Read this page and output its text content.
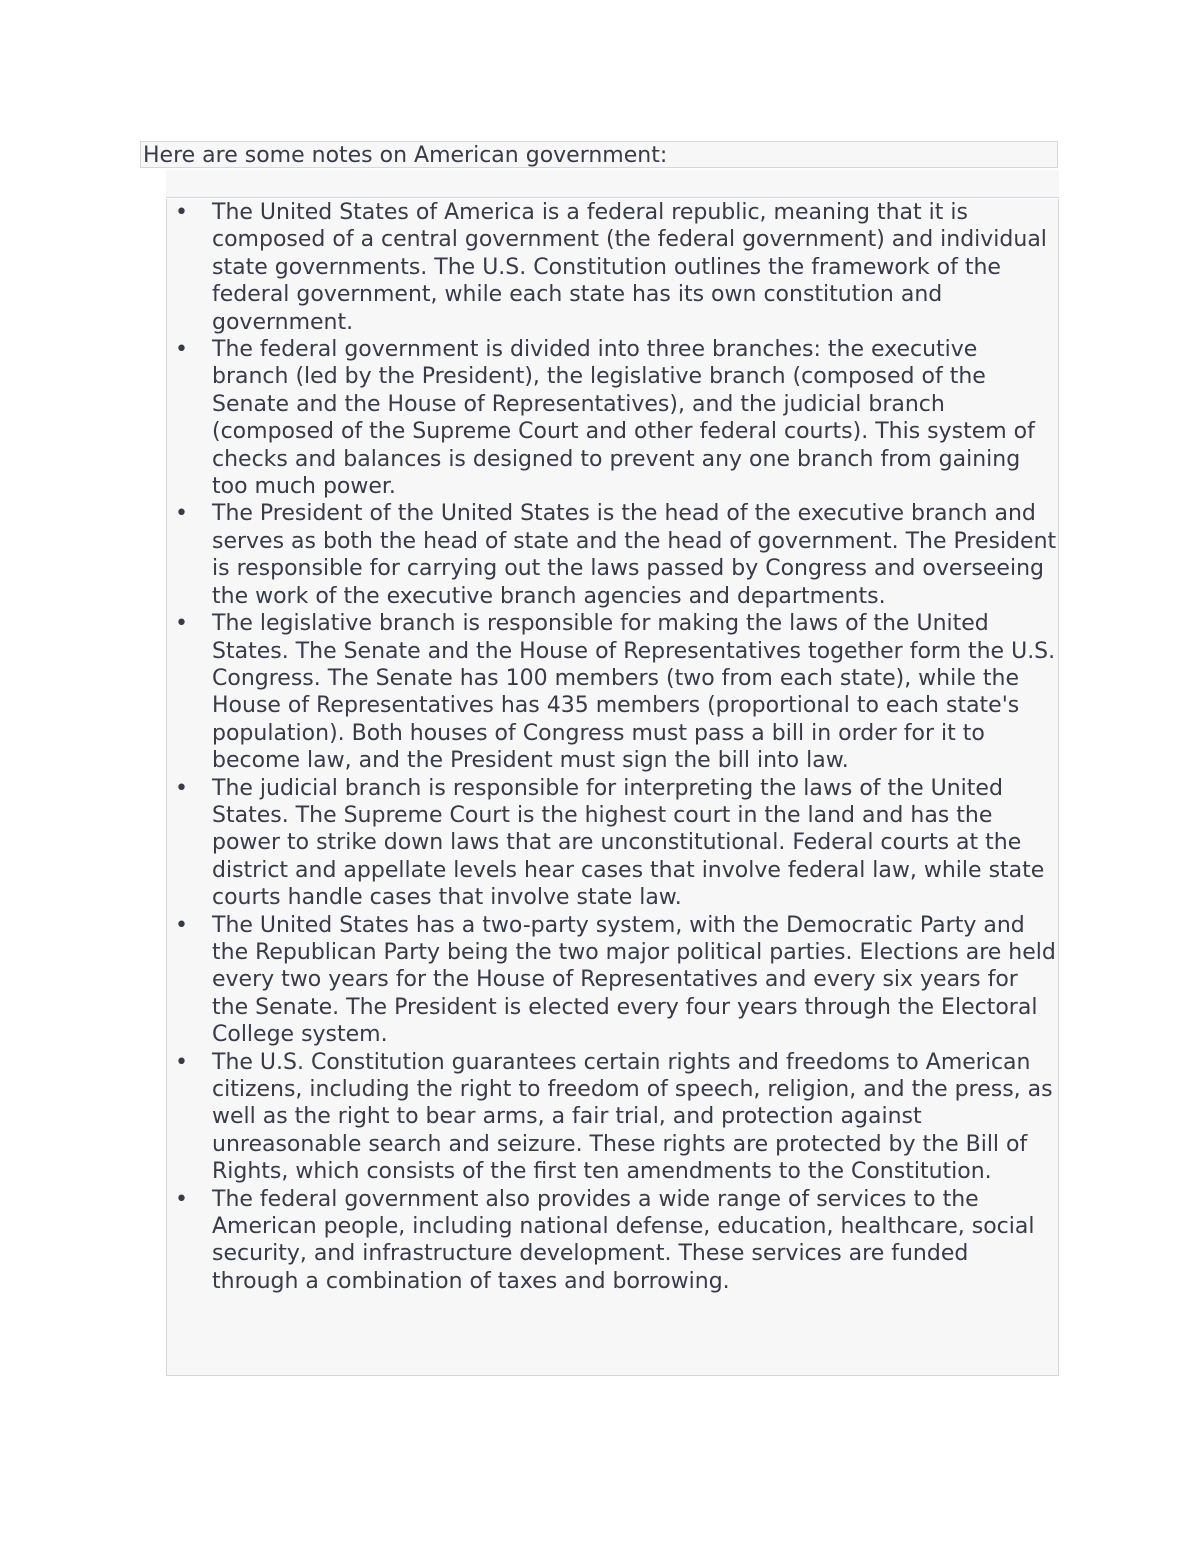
Here are some notes on American government:
• The United States of America is a federal republic, meaning that it is composed of a central government (the federal government) and individual state governments. The U.S. Constitution outlines the framework of the federal government, while each state has its own constitution and government.
• The federal government is divided into three branches: the executive branch (led by the President), the legislative branch (composed of the Senate and the House of Representatives), and the judicial branch (composed of the Supreme Court and other federal courts). This system of checks and balances is designed to prevent any one branch from gaining too much power.
• The President of the United States is the head of the executive branch and serves as both the head of state and the head of government. The President is responsible for carrying out the laws passed by Congress and overseeing the work of the executive branch agencies and departments.
• The legislative branch is responsible for making the laws of the United States. The Senate and the House of Representatives together form the U.S. Congress. The Senate has 100 members (two from each state), while the House of Representatives has 435 members (proportional to each state's population). Both houses of Congress must pass a bill in order for it to become law, and the President must sign the bill into law.
• The judicial branch is responsible for interpreting the laws of the United States. The Supreme Court is the highest court in the land and has the power to strike down laws that are unconstitutional. Federal courts at the district and appellate levels hear cases that involve federal law, while state courts handle cases that involve state law.
• The United States has a two-party system, with the Democratic Party and the Republican Party being the two major political parties. Elections are held every two years for the House of Representatives and every six years for the Senate. The President is elected every four years through the Electoral College system.
• The U.S. Constitution guarantees certain rights and freedoms to American citizens, including the right to freedom of speech, religion, and the press, as well as the right to bear arms, a fair trial, and protection against unreasonable search and seizure. These rights are protected by the Bill of Rights, which consists of the first ten amendments to the Constitution.
• The federal government also provides a wide range of services to the American people, including national defense, education, healthcare, social security, and infrastructure development. These services are funded through a combination of taxes and borrowing.
